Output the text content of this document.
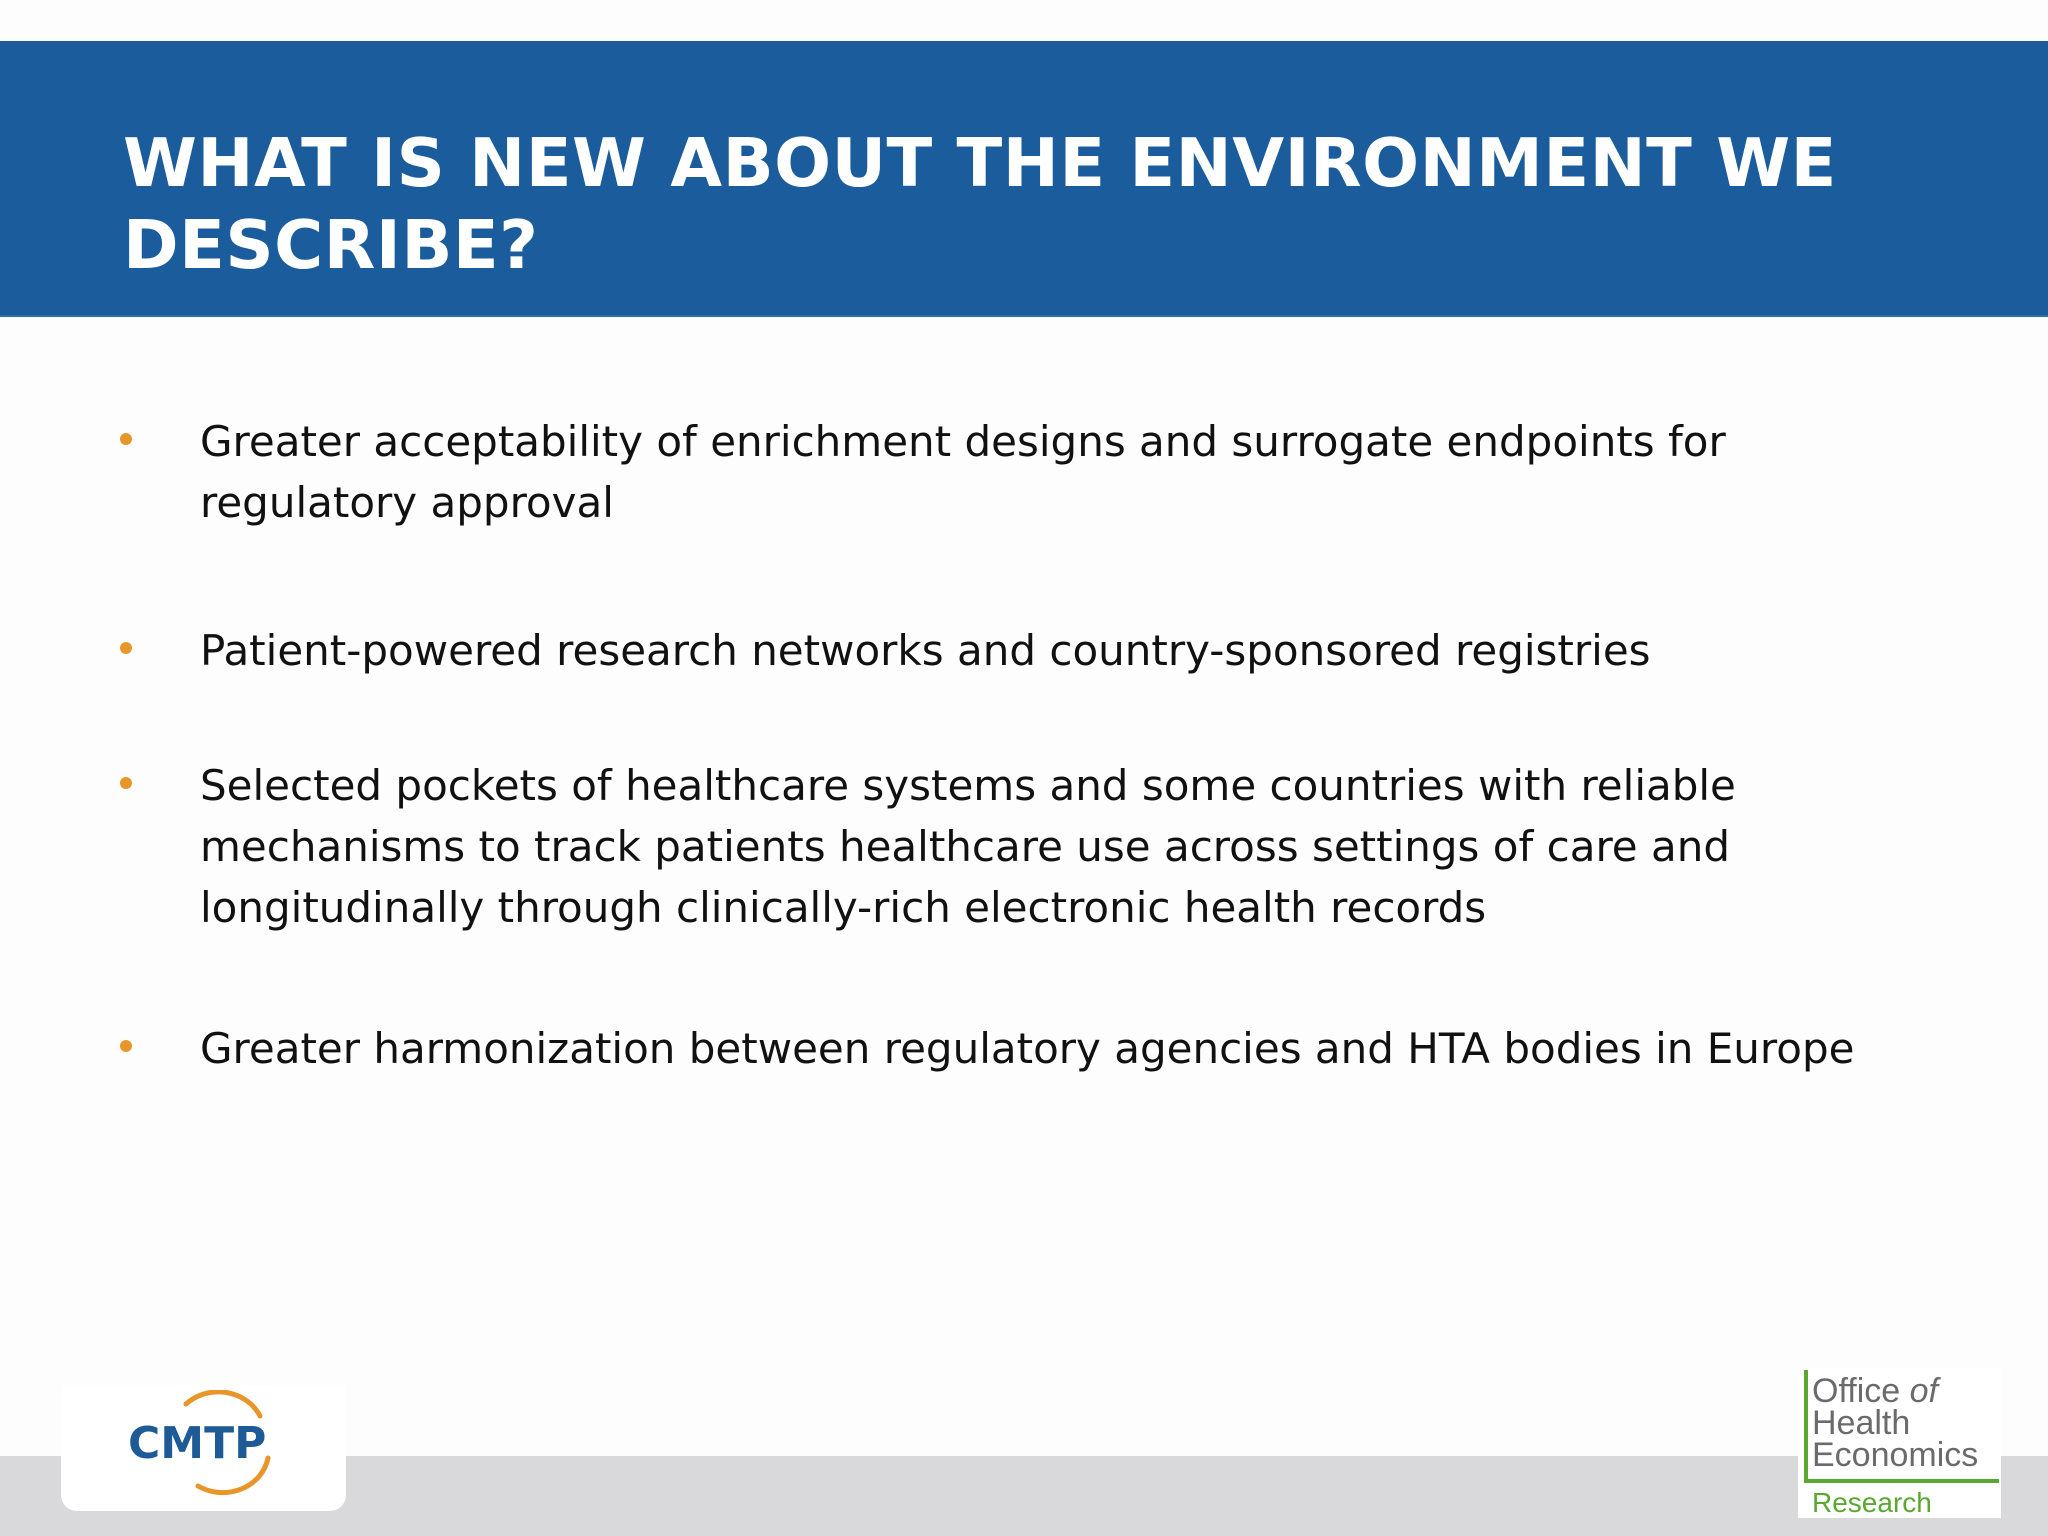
WHAT IS NEW ABOUT THE ENVIRONMENT WE DESCRIBE?
Greater acceptability of enrichment designs and surrogate endpoints for regulatory approval
Patient-powered research networks and country-sponsored registries
Selected pockets of healthcare systems and some countries with reliable mechanisms to track patients healthcare use across settings of care and longitudinally through clinically-rich electronic health records
Greater harmonization between regulatory agencies and HTA bodies in Europe
CMTP
Office of
Health
Economics
Research
